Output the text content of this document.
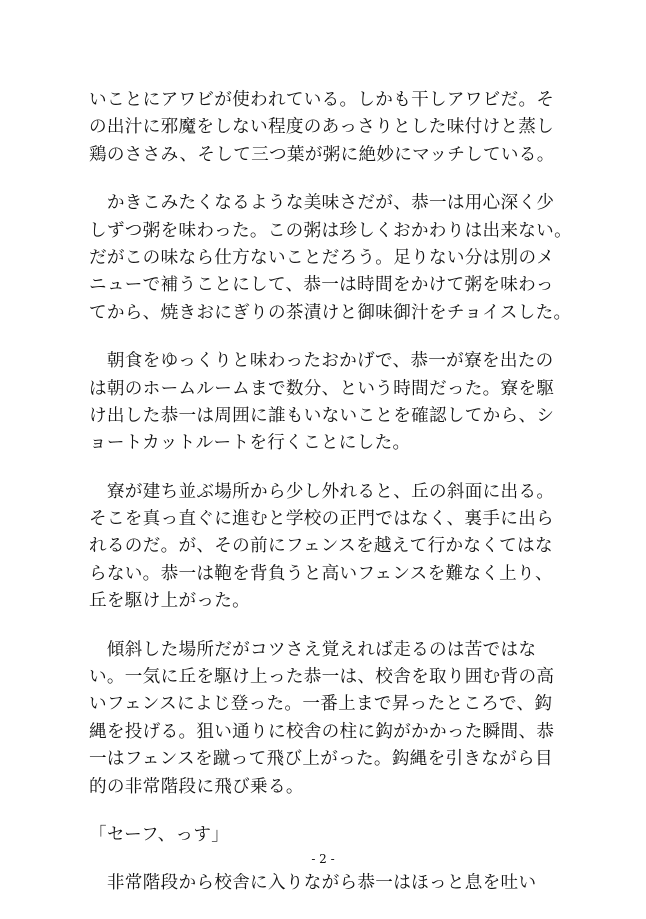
いことにアワビが使われている。しかも干しアワビだ。そ
の出汁に邪魔をしない程度のあっさりとした味付けと蒸し
鶏のささみ、そして三つ葉が粥に絶妙にマッチしている。
　かきこみたくなるような美味さだが、恭一は用心深く少
しずつ粥を味わった。この粥は珍しくおかわりは出来ない。
だがこの味なら仕方ないことだろう。足りない分は別のメ
ニューで補うことにして、恭一は時間をかけて粥を味わっ
てから、焼きおにぎりの茶漬けと御味御汁をチョイスした。
　朝食をゆっくりと味わったおかげで、恭一が寮を出たの
は朝のホームルームまで数分、という時間だった。寮を駆
け出した恭一は周囲に誰もいないことを確認してから、シ
ョートカットルートを行くことにした。
　寮が建ち並ぶ場所から少し外れると、丘の斜面に出る。
そこを真っ直ぐに進むと学校の正門ではなく、裏手に出ら
れるのだ。が、その前にフェンスを越えて行かなくてはな
らない。恭一は鞄を背負うと高いフェンスを難なく上り、
丘を駆け上がった。
　傾斜した場所だがコツさえ覚えれば走るのは苦ではな
い。一気に丘を駆け上った恭一は、校舎を取り囲む背の高
いフェンスによじ登った。一番上まで昇ったところで、鈎
縄を投げる。狙い通りに校舎の柱に鈎がかかった瞬間、恭
一はフェンスを蹴って飛び上がった。鈎縄を引きながら目
的の非常階段に飛び乗る。
「セーフ、っす」
　非常階段から校舎に入りながら恭一はほっと息を吐い
- 2 -
